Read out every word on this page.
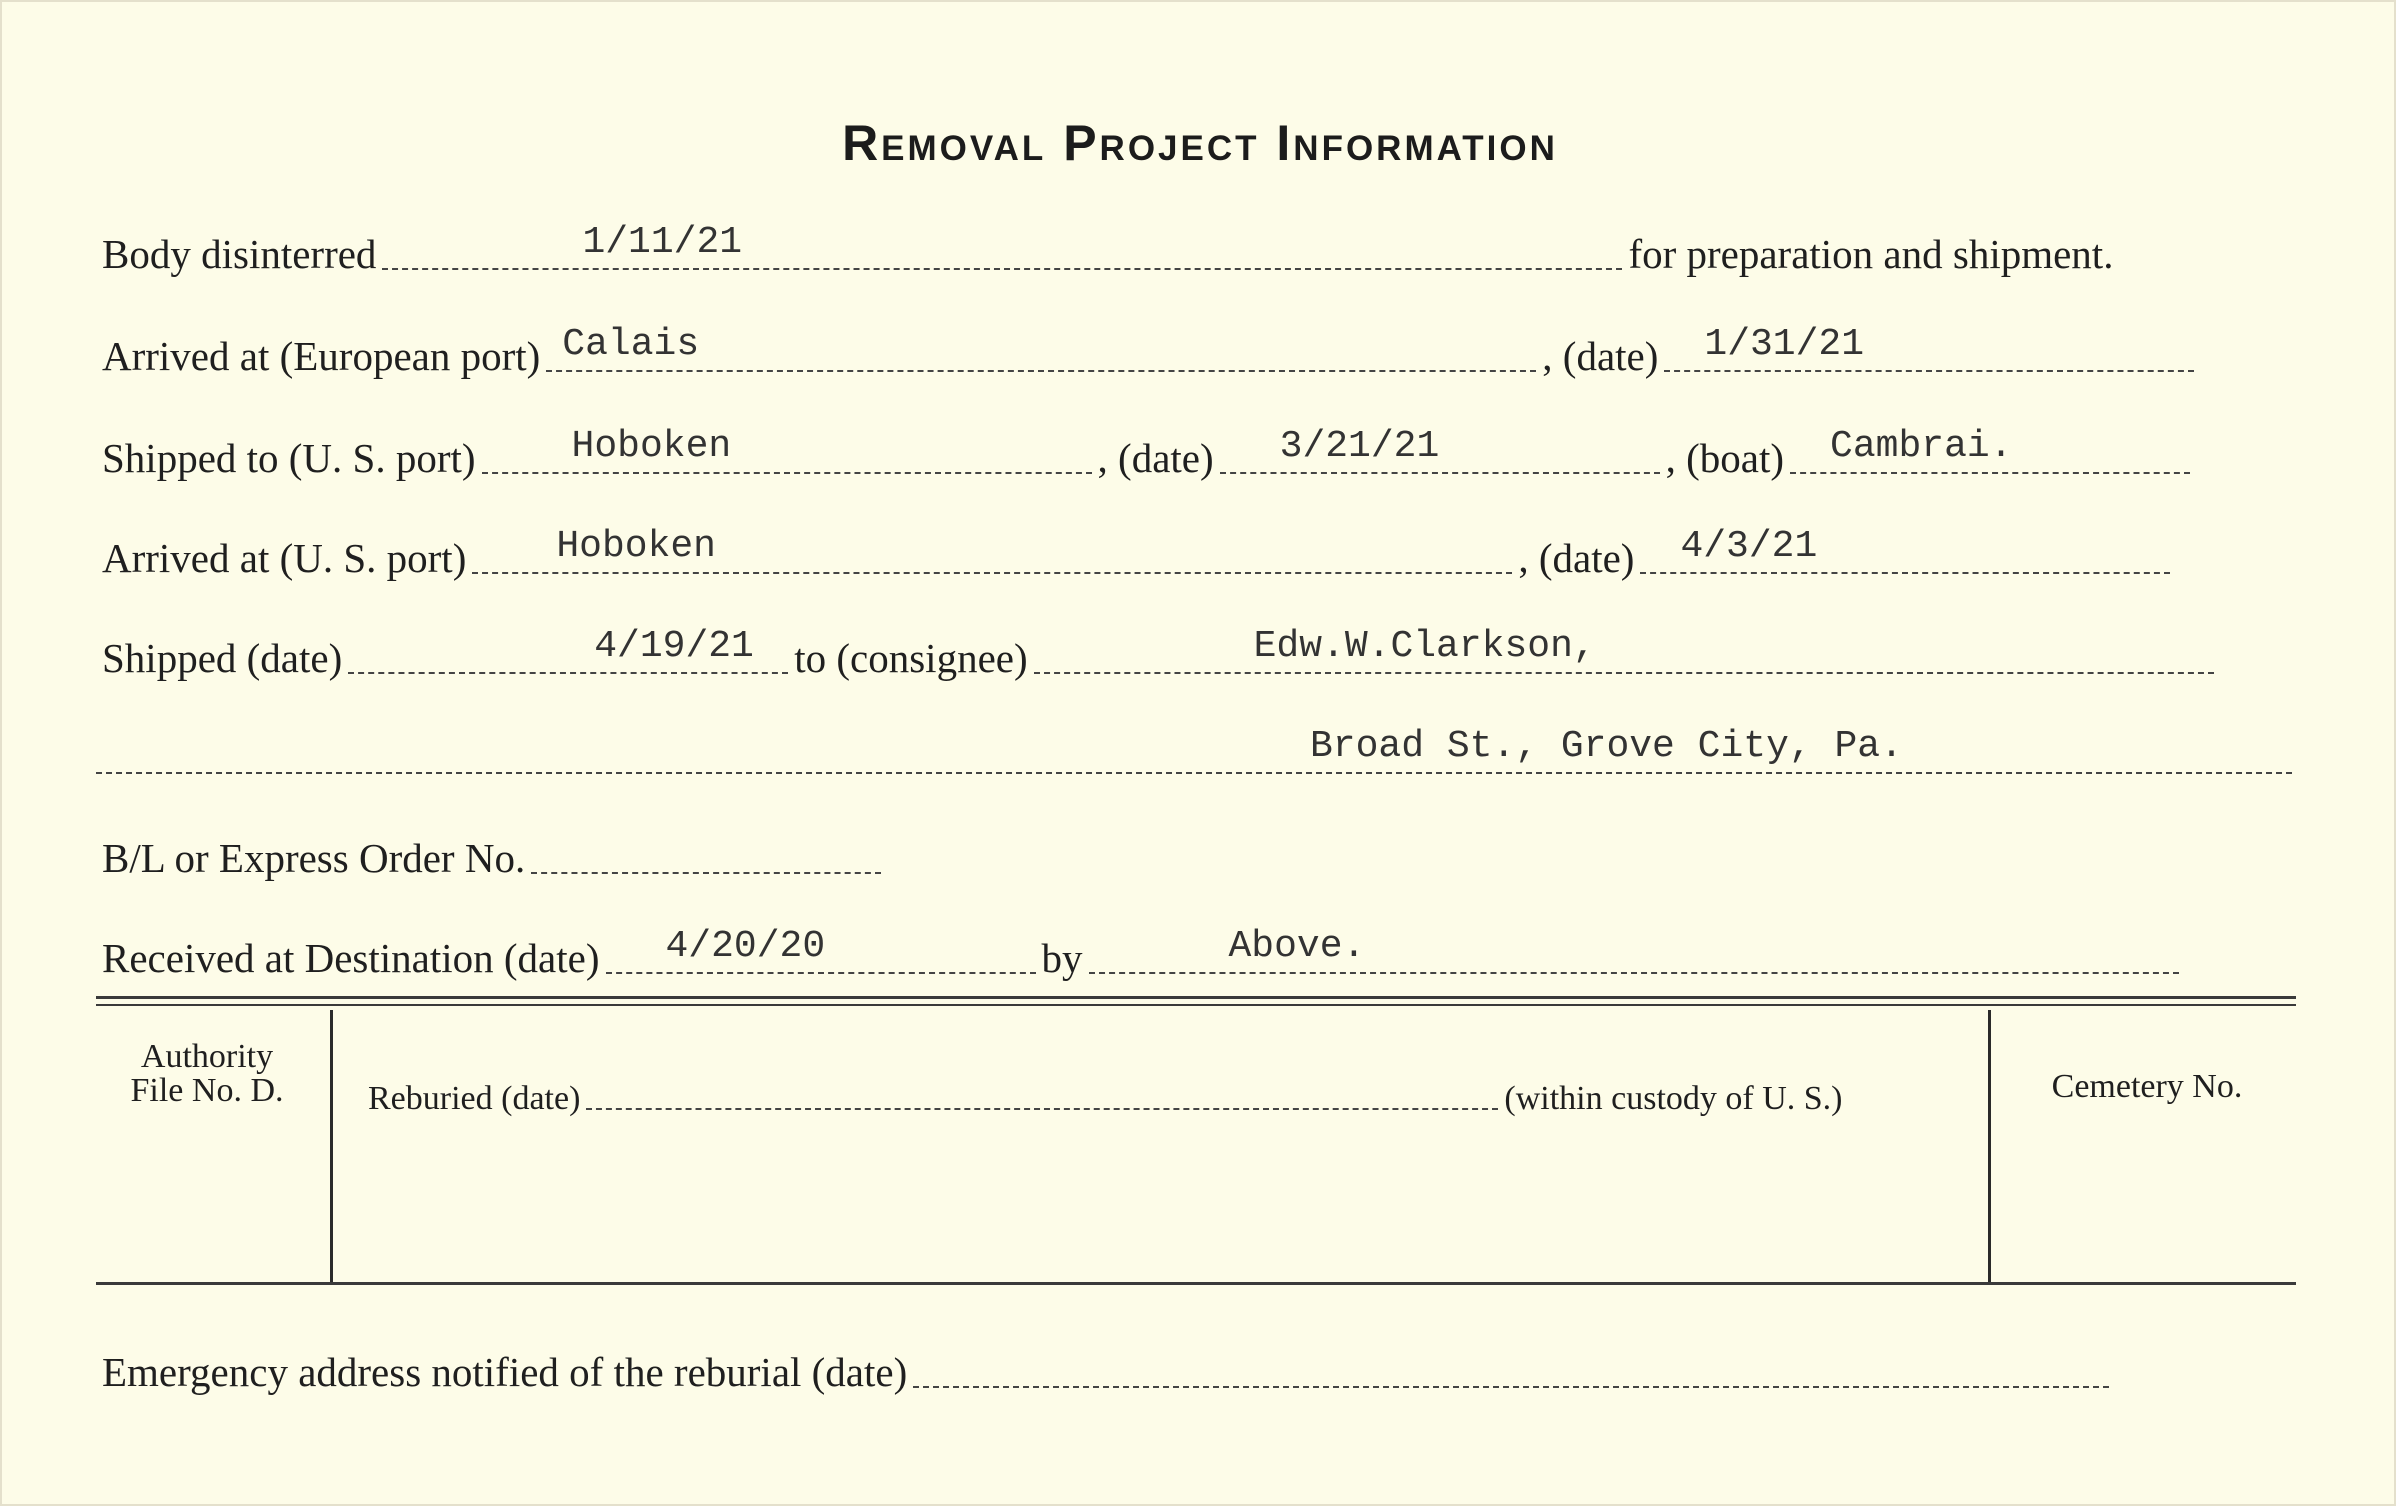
Removal Project Information
Body disinterred	1/11/21	for preparation and shipment.
Arrived at (European port) Calais	, (date) 1/31/21
Shipped to (U. S. port)	Hoboken	, (date) 3/21/21	, (boat) Cambrai.
Arrived at (U. S. port) Hoboken	, (date) 4/3/21
Shipped (date)	4/19/21 to (consignee)	Edw.W.Clarkson,
Broad St., Grove City, Pa.
B/L or Express Order No.
Received at Destination (date) 4/20/20	by	Above.
Authority
File No. D.	Reburied (date)	(within custody of U. S.)	Cemetery No.
Emergency address notified of the reburial (date)
